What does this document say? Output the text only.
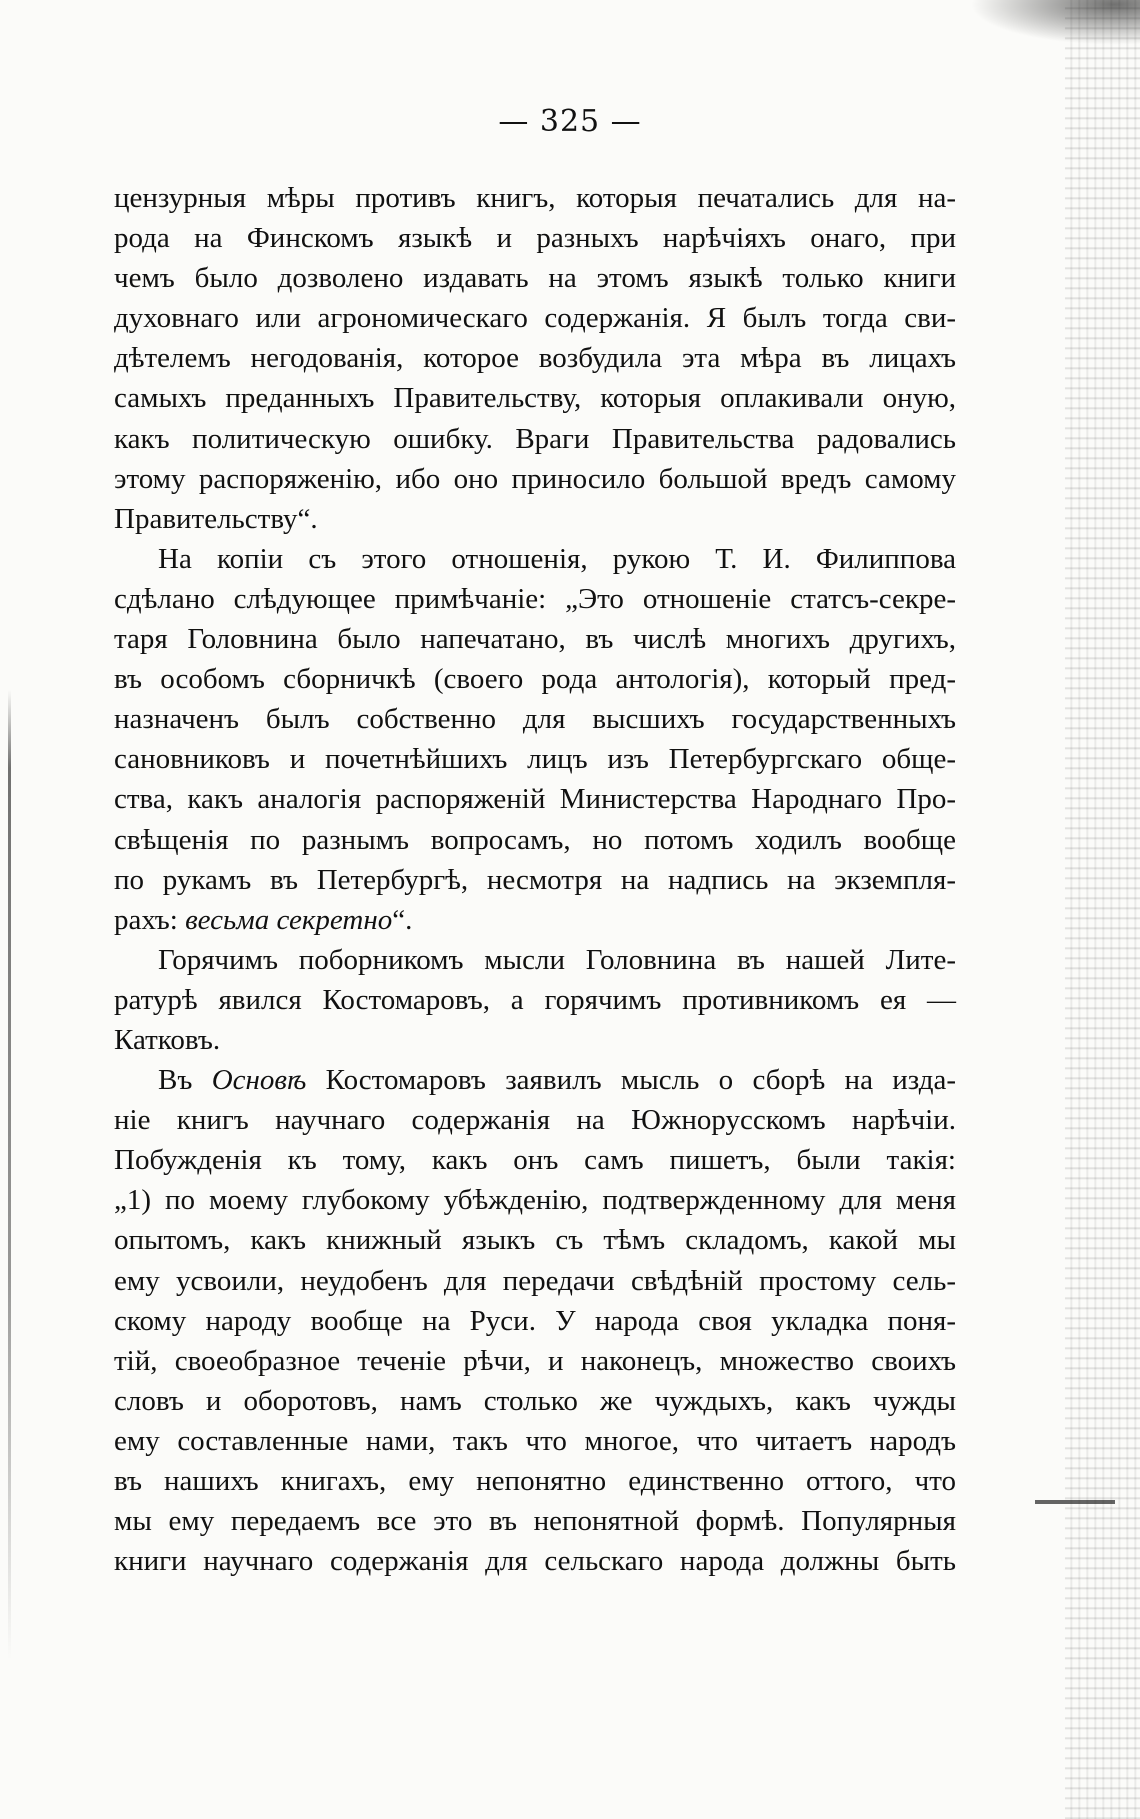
— 325 —
цензурныя мѣры противъ книгъ, которыя печатались для на-
рода на Финскомъ языкѣ и разныхъ нарѣчіяхъ онаго, при
чемъ было дозволено издавать на этомъ языкѣ только книги
духовнаго или агрономическаго содержанія. Я былъ тогда сви-
дѣтелемъ негодованія, которое возбудила эта мѣра въ лицахъ
самыхъ преданныхъ Правительству, которыя оплакивали оную,
какъ политическую ошибку. Враги Правительства радовались
этому распоряженію, ибо оно приносило большой вредъ самому
Правительству“.
На копіи съ этого отношенія, рукою Т. И. Филиппова
сдѣлано слѣдующее примѣчаніе: „Это отношеніе статсъ-секре-
таря Головнина было напечатано, въ числѣ многихъ другихъ,
въ особомъ сборничкѣ (своего рода антологія), который пред-
назначенъ былъ собственно для высшихъ государственныхъ
сановниковъ и почетнѣйшихъ лицъ изъ Петербургскаго обще-
ства, какъ аналогія распоряженій Министерства Народнаго Про-
свѣщенія по разнымъ вопросамъ, но потомъ ходилъ вообще
по рукамъ въ Петербургѣ, несмотря на надпись на экземпля-
рахъ: весьма секретно“.
Горячимъ поборникомъ мысли Головнина въ нашей Лите-
ратурѣ явился Костомаровъ, а горячимъ противникомъ ея —
Катковъ.
Въ Основѣ Костомаровъ заявилъ мысль о сборѣ на изда-
ніе книгъ научнаго содержанія на Южнорусскомъ нарѣчіи.
Побужденія къ тому, какъ онъ самъ пишетъ, были такія:
„1) по моему глубокому убѣжденію, подтвержденному для меня
опытомъ, какъ книжный языкъ съ тѣмъ складомъ, какой мы
ему усвоили, неудобенъ для передачи свѣдѣній простому сель-
скому народу вообще на Руси. У народа своя укладка поня-
тій, своеобразное теченіе рѣчи, и наконецъ, множество своихъ
словъ и оборотовъ, намъ столько же чуждыхъ, какъ чужды
ему составленные нами, такъ что многое, что читаетъ народъ
въ нашихъ книгахъ, ему непонятно единственно оттого, что
мы ему передаемъ все это въ непонятной формѣ. Популярныя
книги научнаго содержанія для сельскаго народа должны быть
